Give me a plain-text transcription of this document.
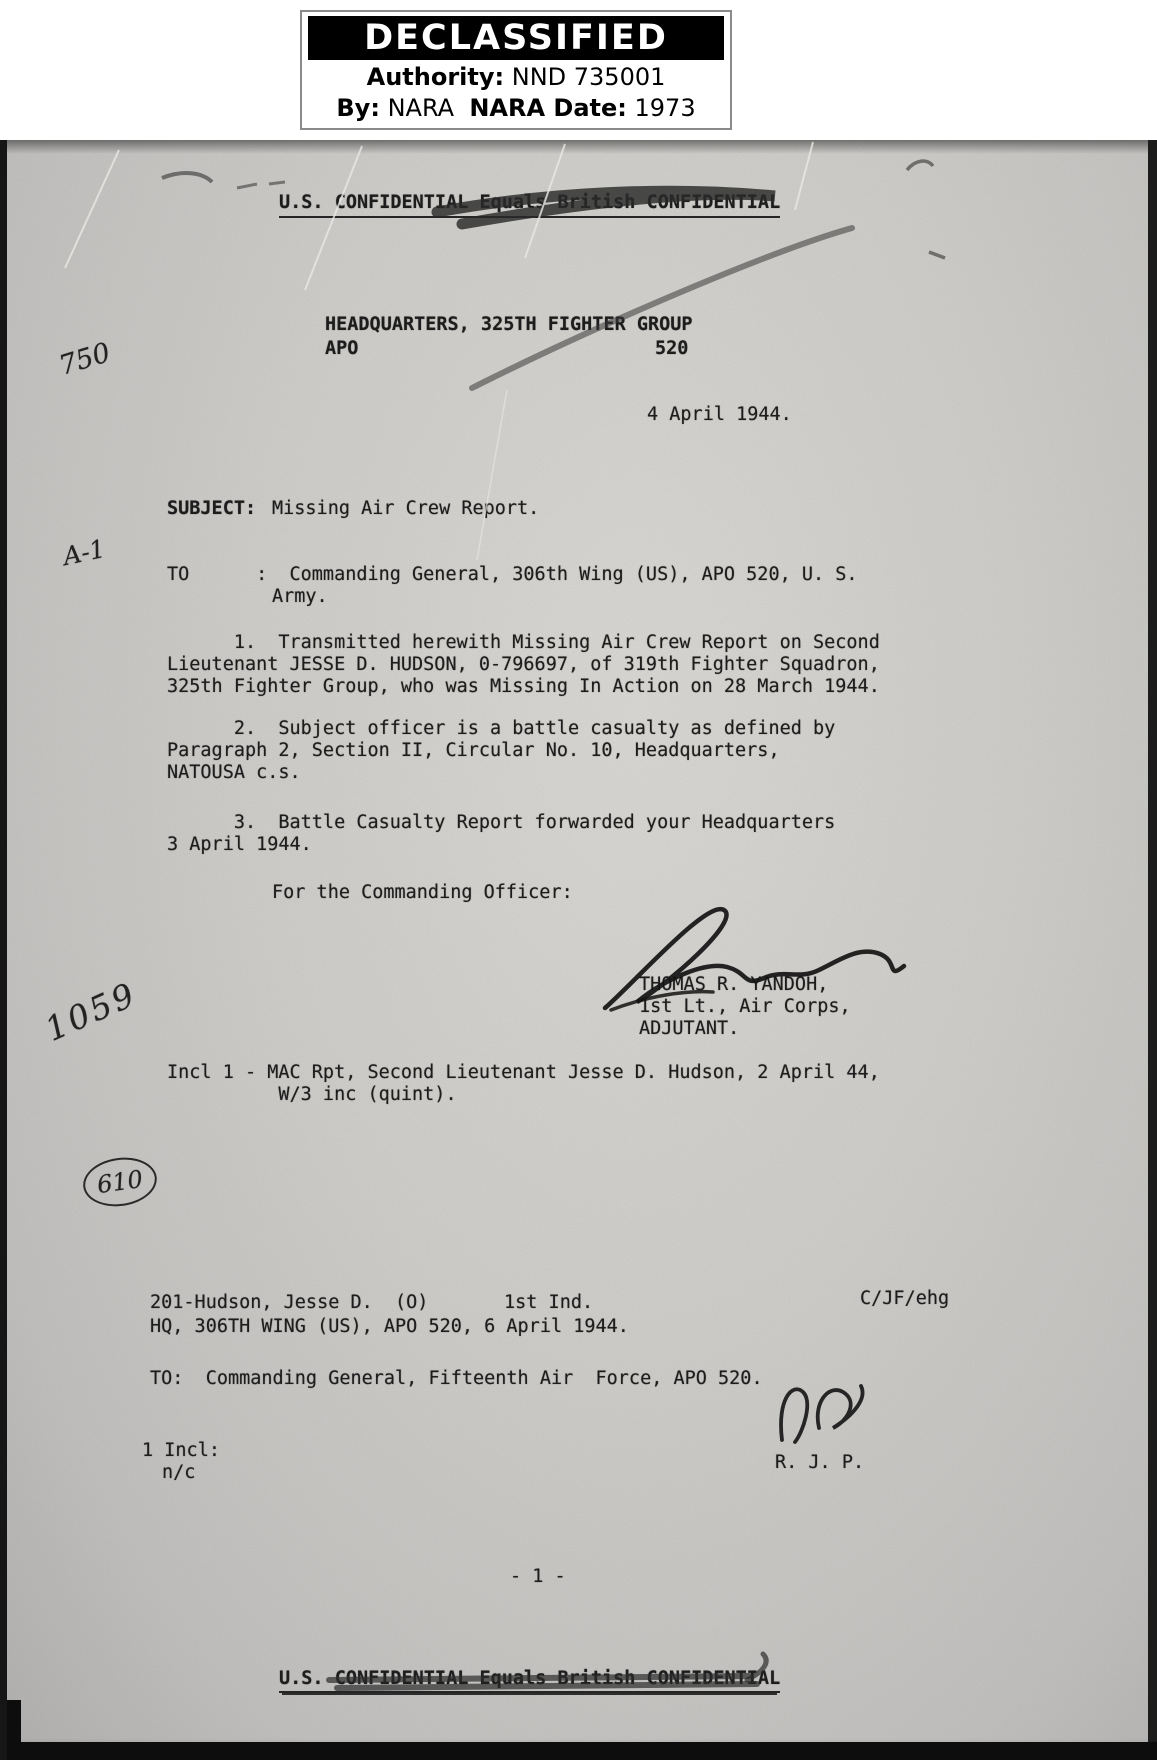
DECLASSIFIED
Authority: NND 735001
By: NARA  NARA Date: 1973
U.S. CONFIDENTIAL Equals British CONFIDENTIAL
HEADQUARTERS, 325TH FIGHTER GROUP
APO	520
4 April 1944.
SUBJECT: Missing Air Crew Report.
TO      :  Commanding General, 306th Wing (US), APO 520, U. S.
Army.
1.  Transmitted herewith Missing Air Crew Report on Second
Lieutenant JESSE D. HUDSON, 0-796697, of 319th Fighter Squadron,
325th Fighter Group, who was Missing In Action on 28 March 1944.
2.  Subject officer is a battle casualty as defined by
Paragraph 2, Section II, Circular No. 10, Headquarters,
NATOUSA c.s.
3.  Battle Casualty Report forwarded your Headquarters
3 April 1944.
For the Commanding Officer:
THOMAS R. YANDOH,
1st Lt., Air Corps,
ADJUTANT.
Incl 1 - MAC Rpt, Second Lieutenant Jesse D. Hudson, 2 April 44,
W/3 inc (quint).
201-Hudson, Jesse D.  (O)	1st Ind.	C/JF/ehg
HQ, 306TH WING (US), APO 520, 6 April 1944.
TO:  Commanding General, Fifteenth Air  Force, APO 520.
R. J. P.
1 Incl:
n/c
- 1 -
U.S. CONFIDENTIAL Equals British CONFIDENTIAL
750
A-1
1059
610
